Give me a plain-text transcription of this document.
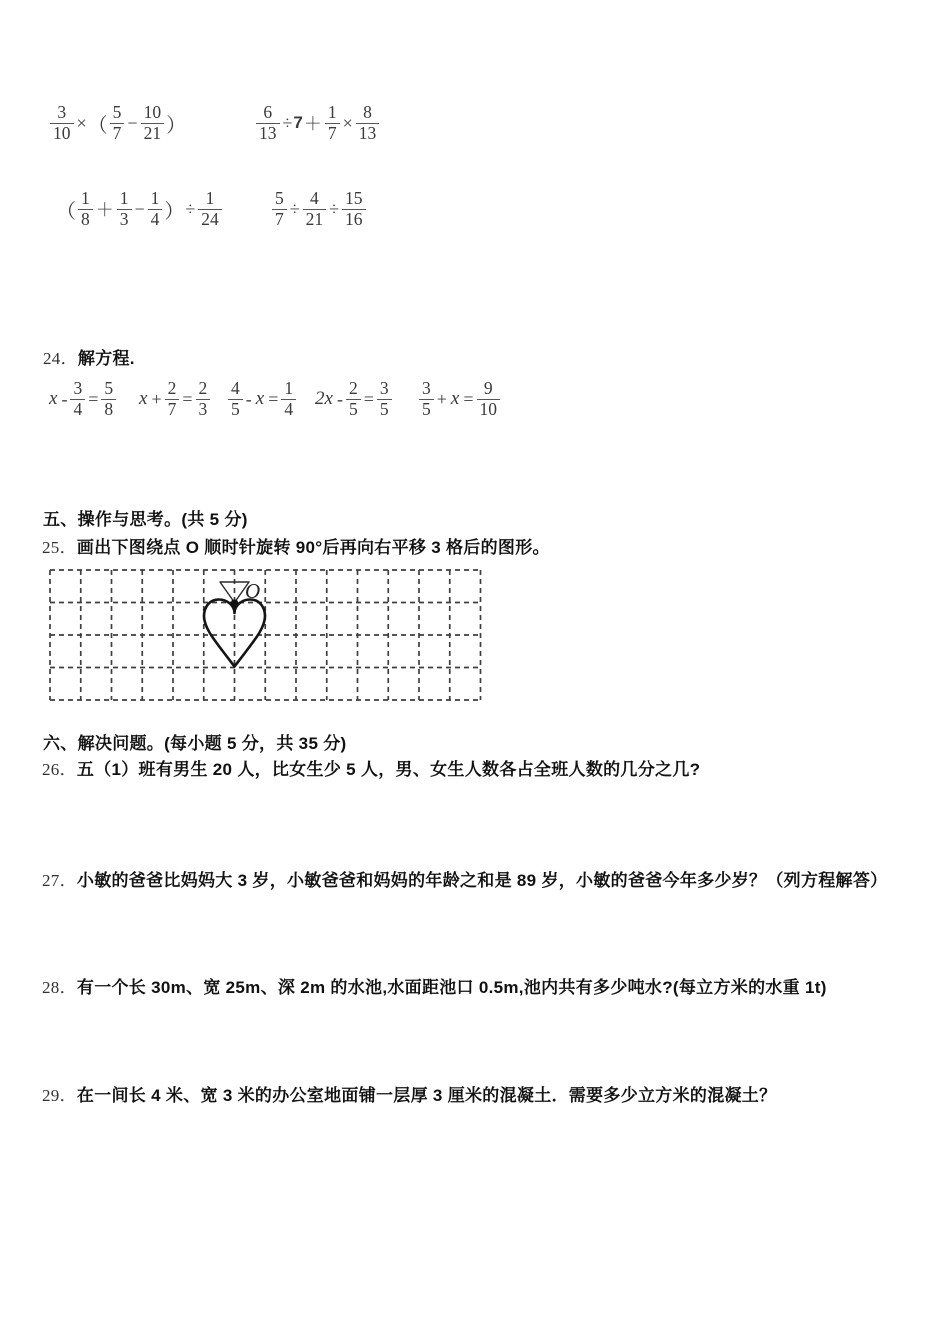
$\frac{3}{10}$ × （ $\frac{5}{7} - \frac{10}{21}$ ）	$\frac{6}{13} \div 7 + \frac{1}{7} \times \frac{8}{13}$
（ $\frac{1}{8} + \frac{1}{3} - \frac{1}{4}$ ） ÷ $\frac{1}{24}$	$\frac{5}{7} \div \frac{4}{21} \div \frac{15}{16}$
24．解方程.
$x - \frac{3}{4} = \frac{5}{8}$ $x + \frac{2}{7} = \frac{2}{3} \frac{4}{5} - x = \frac{1}{4} 2x - \frac{2}{5} = \frac{3}{5} \frac{3}{5} + x = \frac{9}{10}$
五、操作与思考。(共 5 分)
25．画出下图绕点 O 顺时针旋转 90°后再向右平移 3 格后的图形。
O
六、解决问题。(每小题 5 分，共 35 分)
26．五（1）班有男生 20 人，比女生少 5 人，男、女生人数各占全班人数的几分之几?
27．小敏的爸爸比妈妈大 3 岁，小敏爸爸和妈妈的年龄之和是 89 岁，小敏的爸爸今年多少岁？（列方程解答）
28．有一个长 30m、宽 25m、深 2m 的水池,水面距池口 0.5m,池内共有多少吨水?(每立方米的水重 1t)
29．在一间长 4 米、宽 3 米的办公室地面铺一层厚 3 厘米的混凝土．需要多少立方米的混凝土？
